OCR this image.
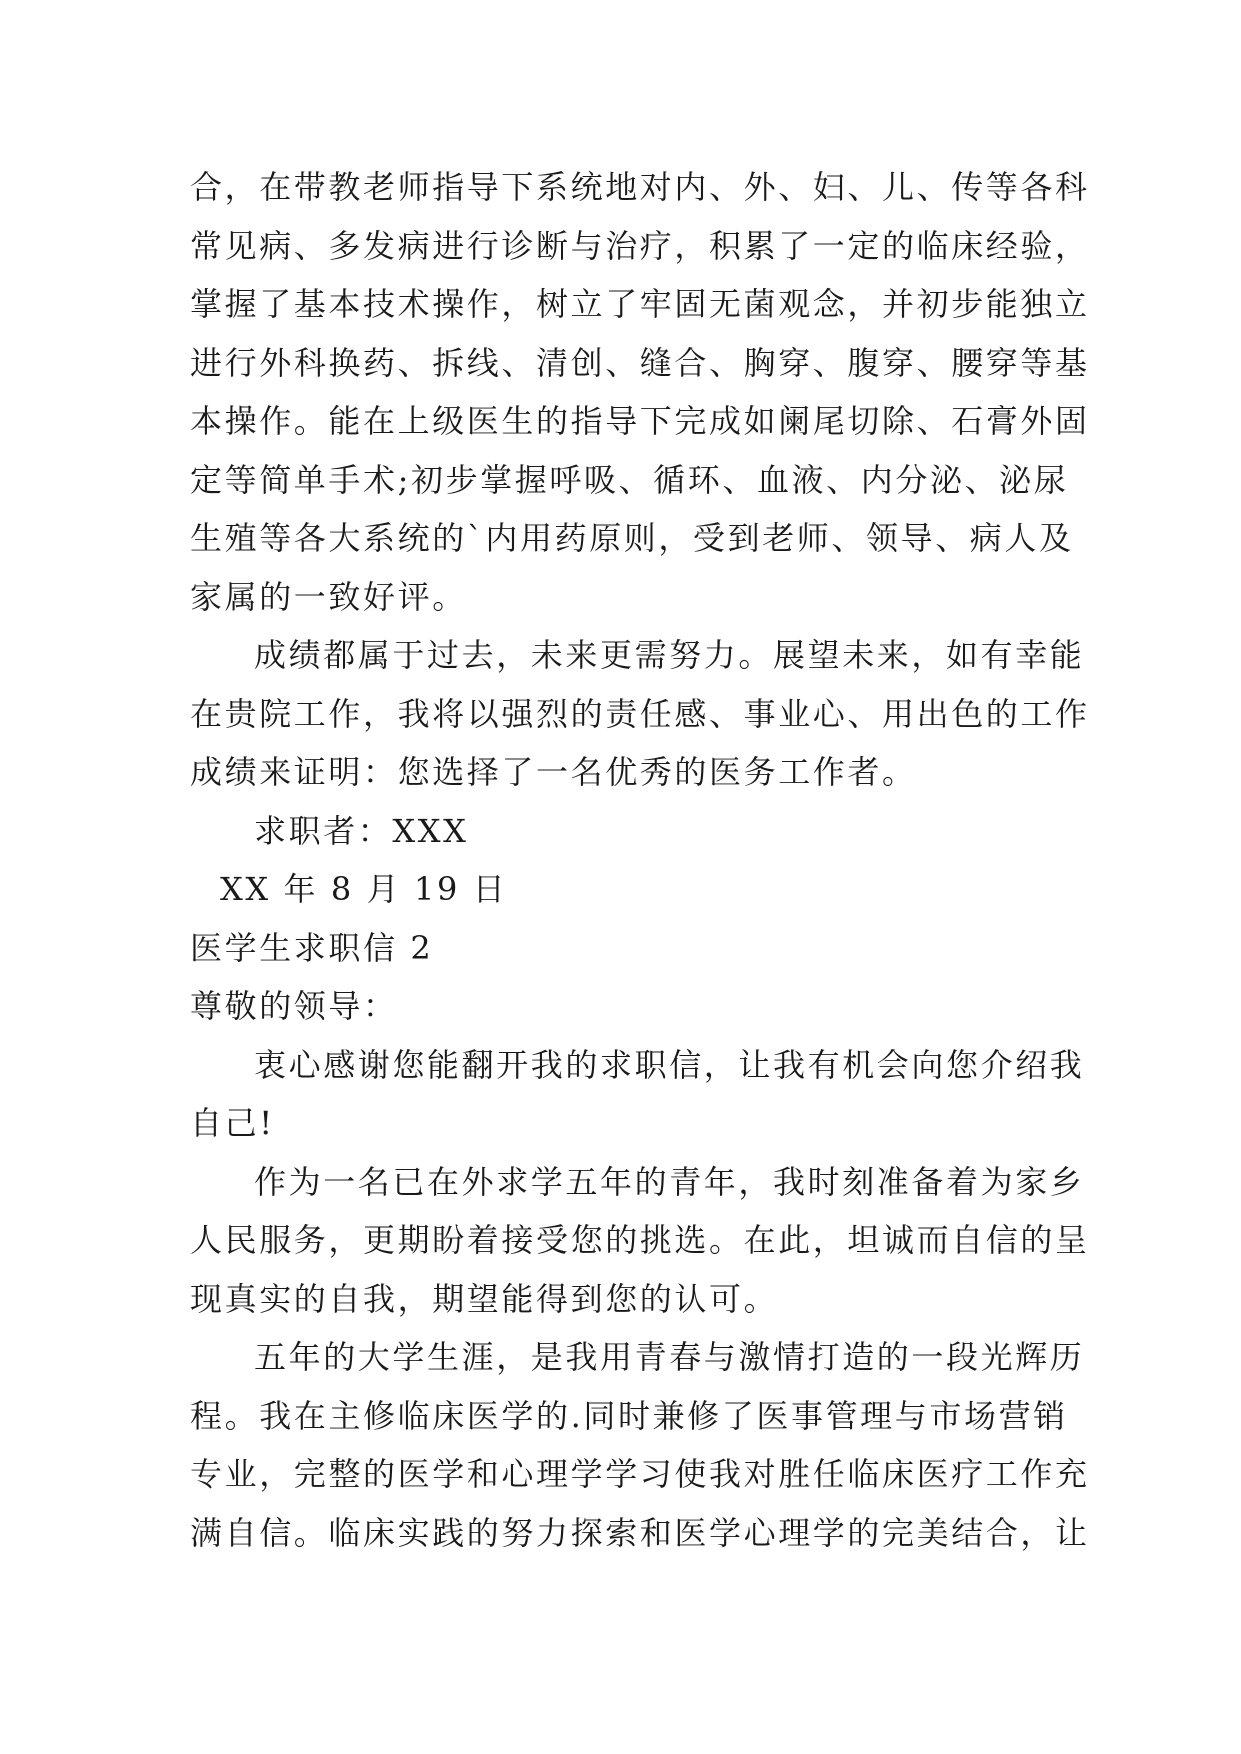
合，在带教老师指导下系统地对内、外、妇、儿、传等各科
常见病、多发病进行诊断与治疗，积累了一定的临床经验，
掌握了基本技术操作，树立了牢固无菌观念，并初步能独立
进行外科换药、拆线、清创、缝合、胸穿、腹穿、腰穿等基
本操作。能在上级医生的指导下完成如阑尾切除、石膏外固
定等简单手术;初步掌握呼吸、循环、血液、内分泌、泌尿
生殖等各大系统的`内用药原则，受到老师、领导、病人及
家属的一致好评。
成绩都属于过去，未来更需努力。展望未来，如有幸能
在贵院工作，我将以强烈的责任感、事业心、用出色的工作
成绩来证明：您选择了一名优秀的医务工作者。
求职者：XXX
XX 年 8 月 19 日
医学生求职信 2
尊敬的领导：
衷心感谢您能翻开我的求职信，让我有机会向您介绍我
自己!
作为一名已在外求学五年的青年，我时刻准备着为家乡
人民服务，更期盼着接受您的挑选。在此，坦诚而自信的呈
现真实的自我，期望能得到您的认可。
五年的大学生涯，是我用青春与激情打造的一段光辉历
程。我在主修临床医学的.同时兼修了医事管理与市场营销
专业，完整的医学和心理学学习使我对胜任临床医疗工作充
满自信。临床实践的努力探索和医学心理学的完美结合，让
